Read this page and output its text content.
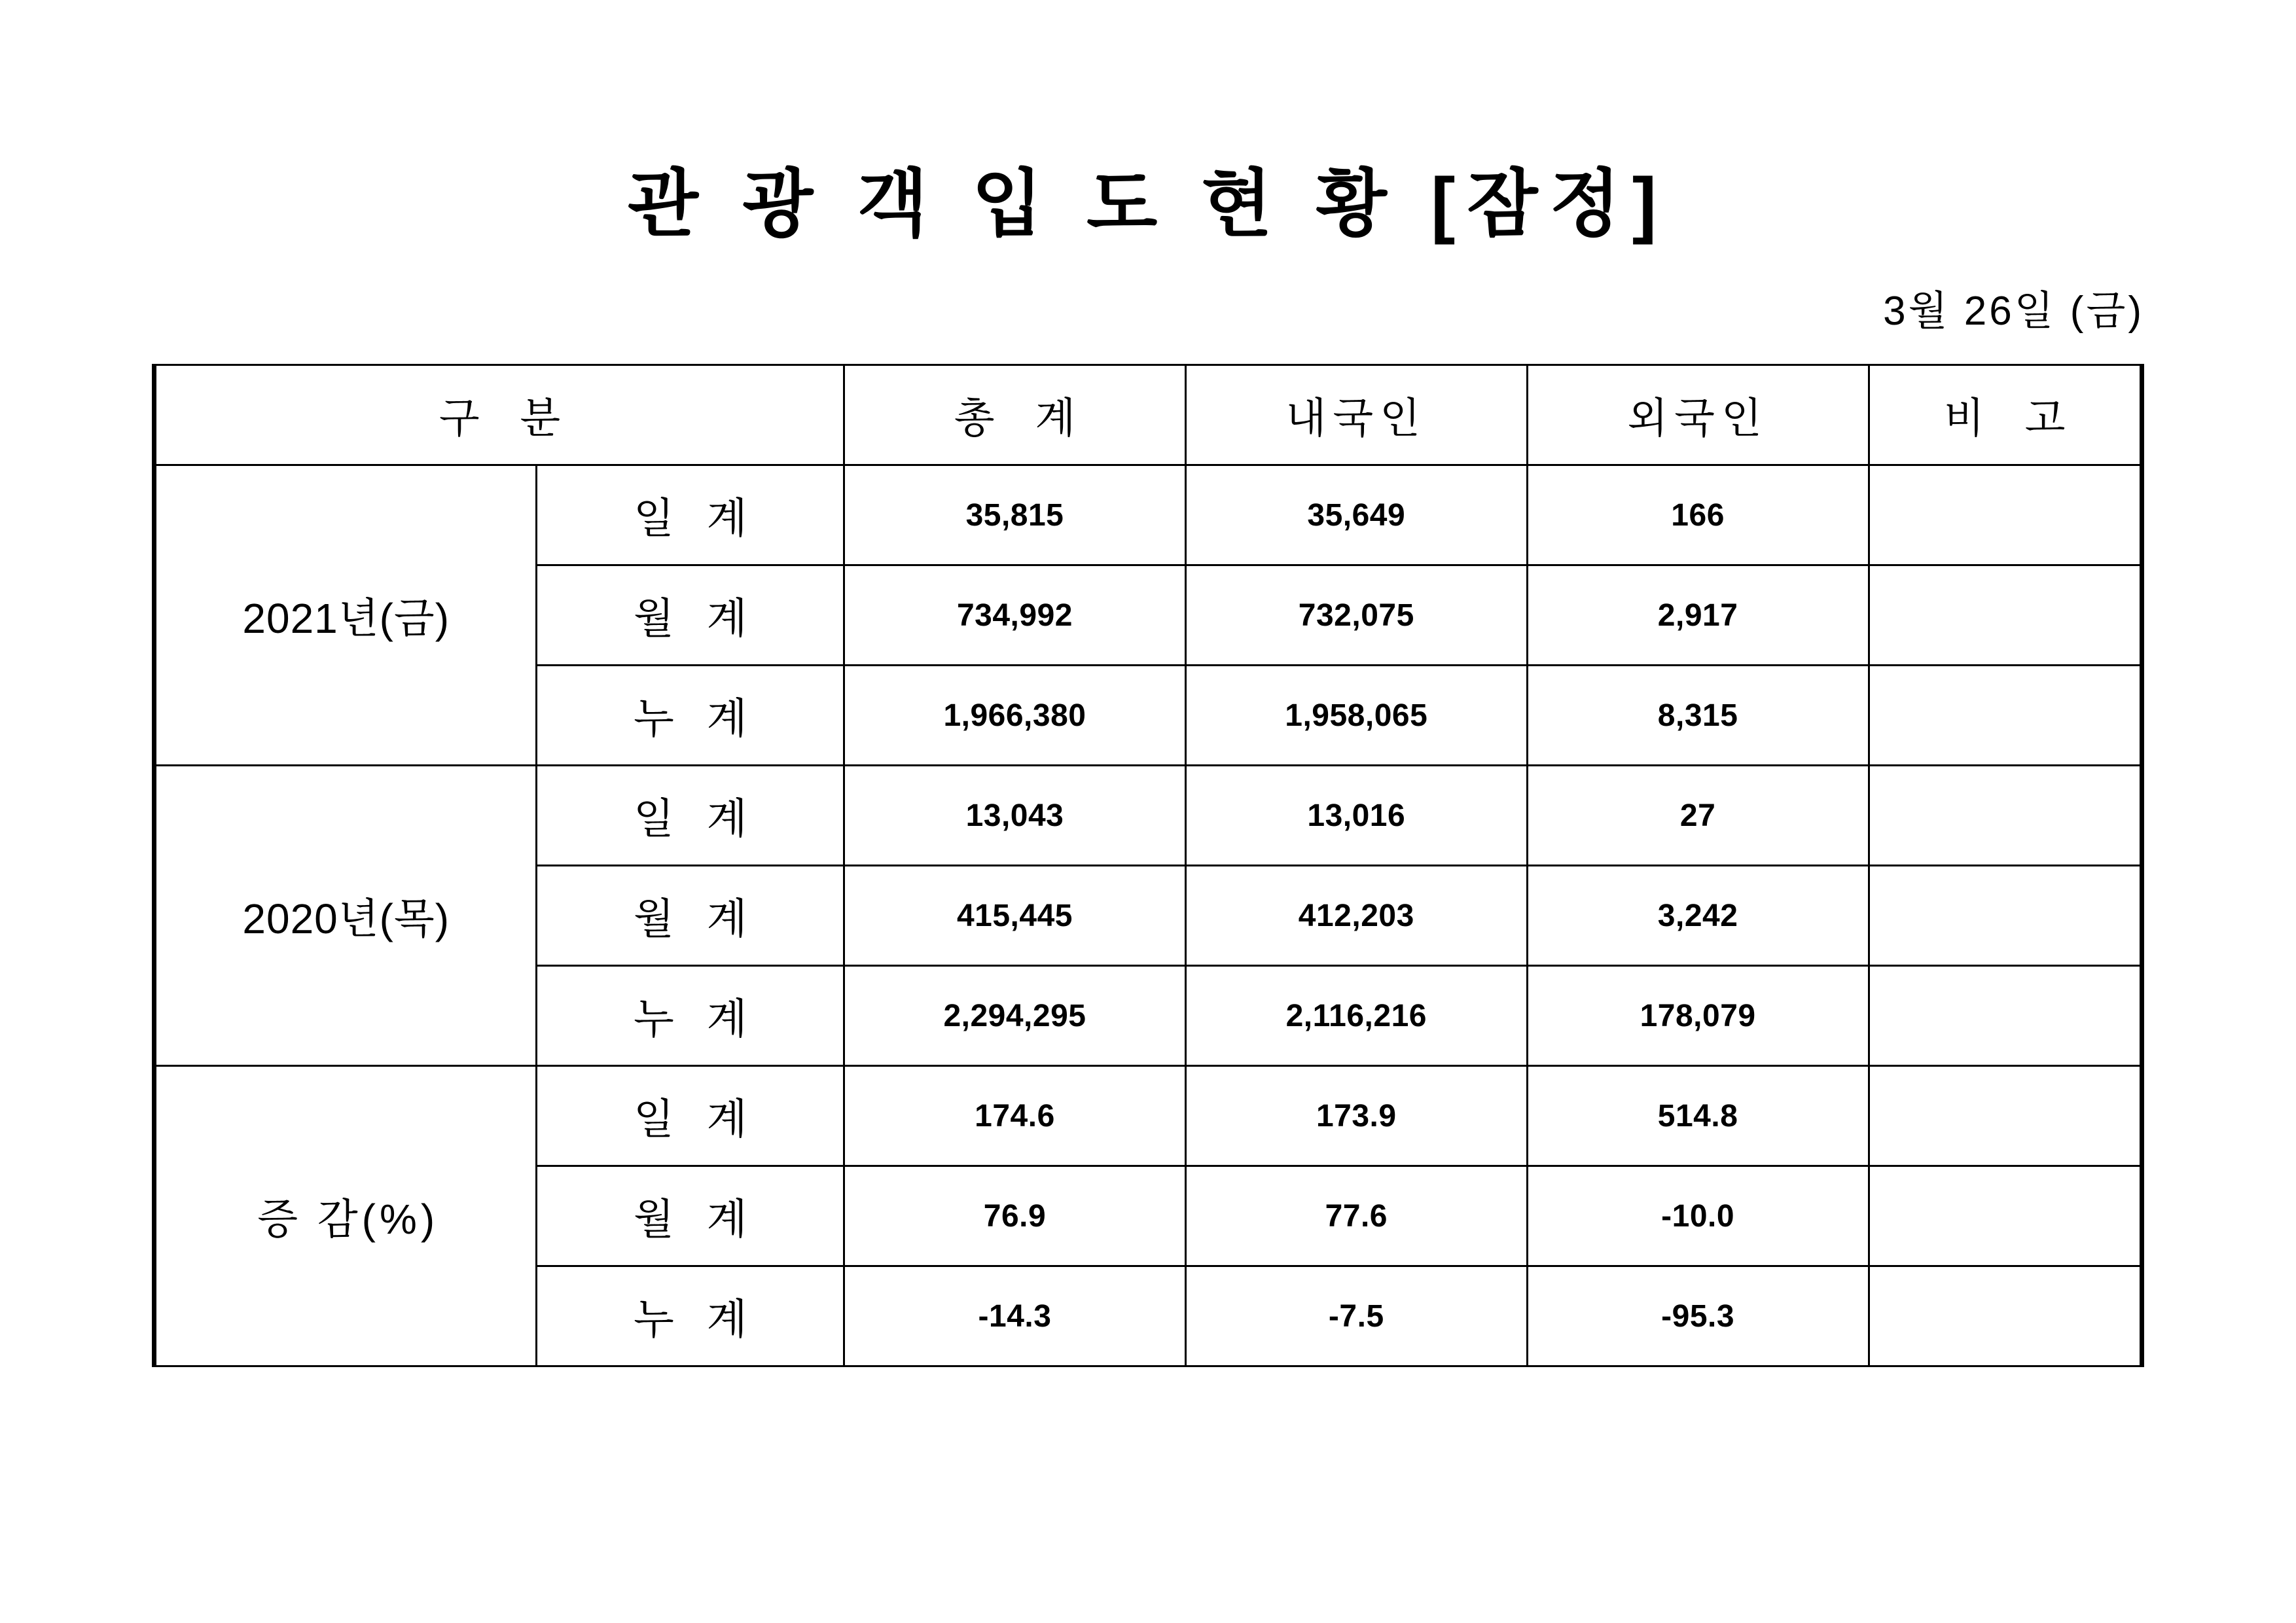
관 광 객 입 도 현 황 [잠정]
3월 26일 (금)
구 분		총 계	내국인	외국인	비 고
2021년(금)	일 계	35,815	35,649	166	
	월 계	734,992	732,075	2,917	
	누 계	1,966,380	1,958,065	8,315	
2020년(목)	일 계	13,043	13,016	27	
	월 계	415,445	412,203	3,242	
	누 계	2,294,295	2,116,216	178,079	
증 감(%)	일 계	174.6	173.9	514.8	
	월 계	76.9	77.6	-10.0	
	누 계	-14.3	-7.5	-95.3	
